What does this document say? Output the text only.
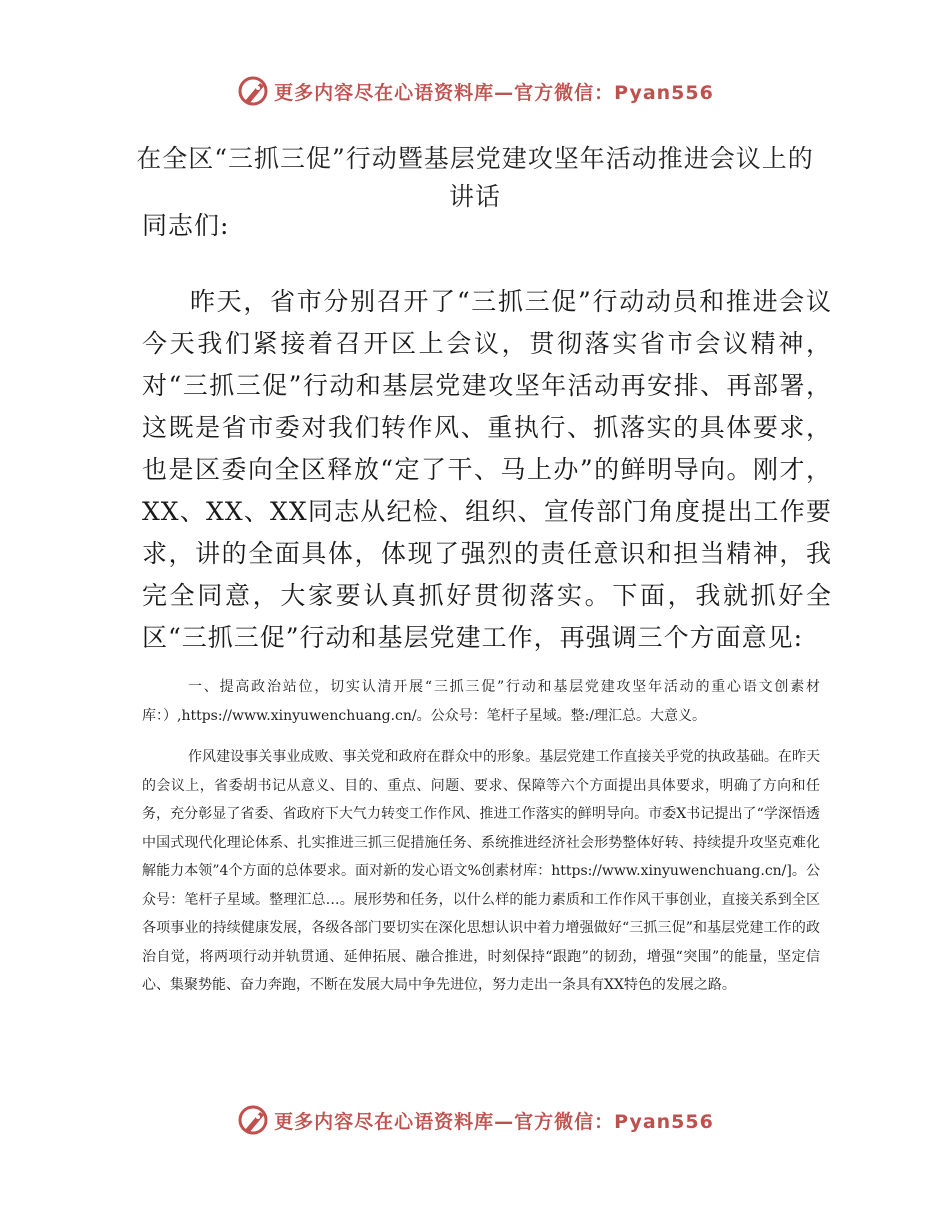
更多内容尽在心语资料库—官方微信：Pyan556
在全区“三抓三促”行动暨基层党建攻坚年活动推进会议上的
讲话
同志们:

昨天，省市分别召开了“三抓三促”行动动员和推进会议今天我们紧接着召开区上会议，贯彻落实省市会议精神，对“三抓三促”行动和基层党建攻坚年活动再安排、再部署，这既是省市委对我们转作风、重执行、抓落实的具体要求，也是区委向全区释放“定了干、马上办”的鲜明导向。刚才，XX、XX、XX同志从纪检、组织、宣传部门角度提出工作要求，讲的全面具体，体现了强烈的责任意识和担当精神，我完全同意，大家要认真抓好贯彻落实。下面，我就抓好全区“三抓三促”行动和基层党建工作，再强调三个方面意见:

一、提高政治站位，切实认清开展“三抓三促”行动和基层党建攻坚年活动的重心语文创素材库：）,https://www.xinyuwenchuang.cn/。公众号：笔杆子星域。整:/理汇总。大意义。

作风建设事关事业成败、事关党和政府在群众中的形象。基层党建工作直接关乎党的执政基础。在昨天的会议上，省委胡书记从意义、目的、重点、问题、要求、保障等六个方面提出具体要求，明确了方向和任务，充分彰显了省委、省政府下大气力转变工作作风、推进工作落实的鲜明导向。市委X书记提出了“学深悟透中国式现代化理论体系、扎实推进三抓三促措施任务、系统推进经济社会形势整体好转、持续提升攻坚克难化解能力本领”4个方面的总体要求。面对新的发心语文%创素材库：https://www.xinyuwenchuang.cn/]。公众号：笔杆子星域。整理汇总…。展形势和任务，以什么样的能力素质和工作作风干事创业，直接关系到全区各项事业的持续健康发展，各级各部门要切实在深化思想认识中着力增强做好“三抓三促”和基层党建工作的政治自觉，将两项行动并轨贯通、延伸拓展、融合推进，时刻保持“跟跑”的韧劲，增强“突围”的能量，坚定信心、集聚势能、奋力奔跑，不断在发展大局中争先进位，努力走出一条具有XX特色的发展之路。

更多内容尽在心语资料库—官方微信：Pyan556
